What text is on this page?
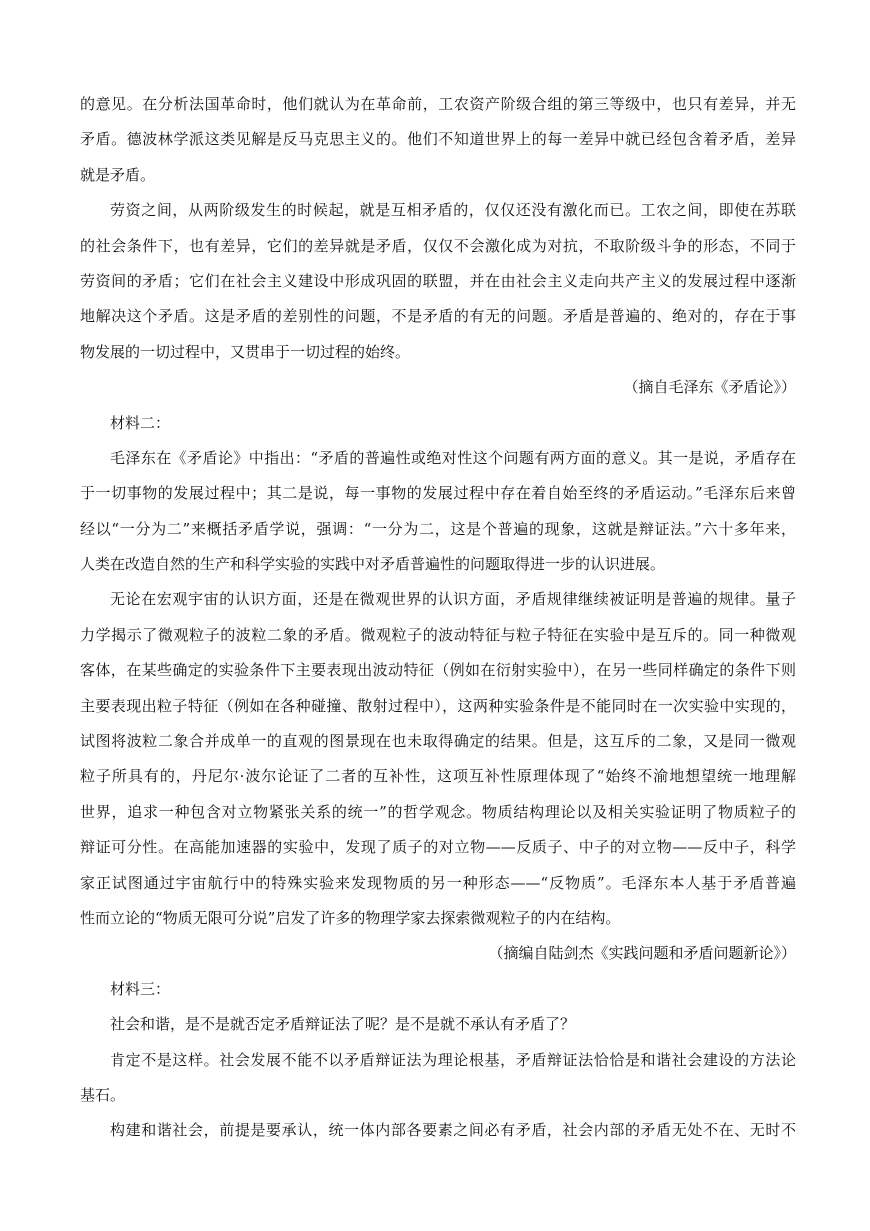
的意见。在分析法国革命时，他们就认为在革命前，工农资产阶级合组的第三等级中，也只有差异，并无
矛盾。德波林学派这类见解是反马克思主义的。他们不知道世界上的每一差异中就已经包含着矛盾，差异
就是矛盾。
劳资之间，从两阶级发生的时候起，就是互相矛盾的，仅仅还没有激化而已。工农之间，即使在苏联
的社会条件下，也有差异，它们的差异就是矛盾，仅仅不会激化成为对抗，不取阶级斗争的形态，不同于
劳资间的矛盾；它们在社会主义建设中形成巩固的联盟，并在由社会主义走向共产主义的发展过程中逐渐
地解决这个矛盾。这是矛盾的差别性的问题，不是矛盾的有无的问题。矛盾是普遍的、绝对的，存在于事
物发展的一切过程中，又贯串于一切过程的始终。
（摘自毛泽东《矛盾论》）
材料二：
毛泽东在《矛盾论》中指出：“矛盾的普遍性或绝对性这个问题有两方面的意义。其一是说，矛盾存在
于一切事物的发展过程中；其二是说，每一事物的发展过程中存在着自始至终的矛盾运动。”毛泽东后来曾
经以“一分为二”来概括矛盾学说，强调：“一分为二，这是个普遍的现象，这就是辩证法。”六十多年来，
人类在改造自然的生产和科学实验的实践中对矛盾普遍性的问题取得进一步的认识进展。
无论在宏观宇宙的认识方面，还是在微观世界的认识方面，矛盾规律继续被证明是普遍的规律。量子
力学揭示了微观粒子的波粒二象的矛盾。微观粒子的波动特征与粒子特征在实验中是互斥的。同一种微观
客体，在某些确定的实验条件下主要表现出波动特征（例如在衍射实验中），在另一些同样确定的条件下则
主要表现出粒子特征（例如在各种碰撞、散射过程中），这两种实验条件是不能同时在一次实验中实现的，
试图将波粒二象合并成单一的直观的图景现在也未取得确定的结果。但是，这互斥的二象，又是同一微观
粒子所具有的，丹尼尔·波尔论证了二者的互补性，这项互补性原理体现了“始终不渝地想望统一地理解
世界，追求一种包含对立物紧张关系的统一”的哲学观念。物质结构理论以及相关实验证明了物质粒子的
辩证可分性。在高能加速器的实验中，发现了质子的对立物——反质子、中子的对立物——反中子，科学
家正试图通过宇宙航行中的特殊实验来发现物质的另一种形态——“反物质”。毛泽东本人基于矛盾普遍
性而立论的“物质无限可分说”启发了许多的物理学家去探索微观粒子的内在结构。
（摘编自陆剑杰《实践问题和矛盾问题新论》）
材料三：
社会和谐，是不是就否定矛盾辩证法了呢？是不是就不承认有矛盾了？
肯定不是这样。社会发展不能不以矛盾辩证法为理论根基，矛盾辩证法恰恰是和谐社会建设的方法论
基石。
构建和谐社会，前提是要承认，统一体内部各要素之间必有矛盾，社会内部的矛盾无处不在、无时不
